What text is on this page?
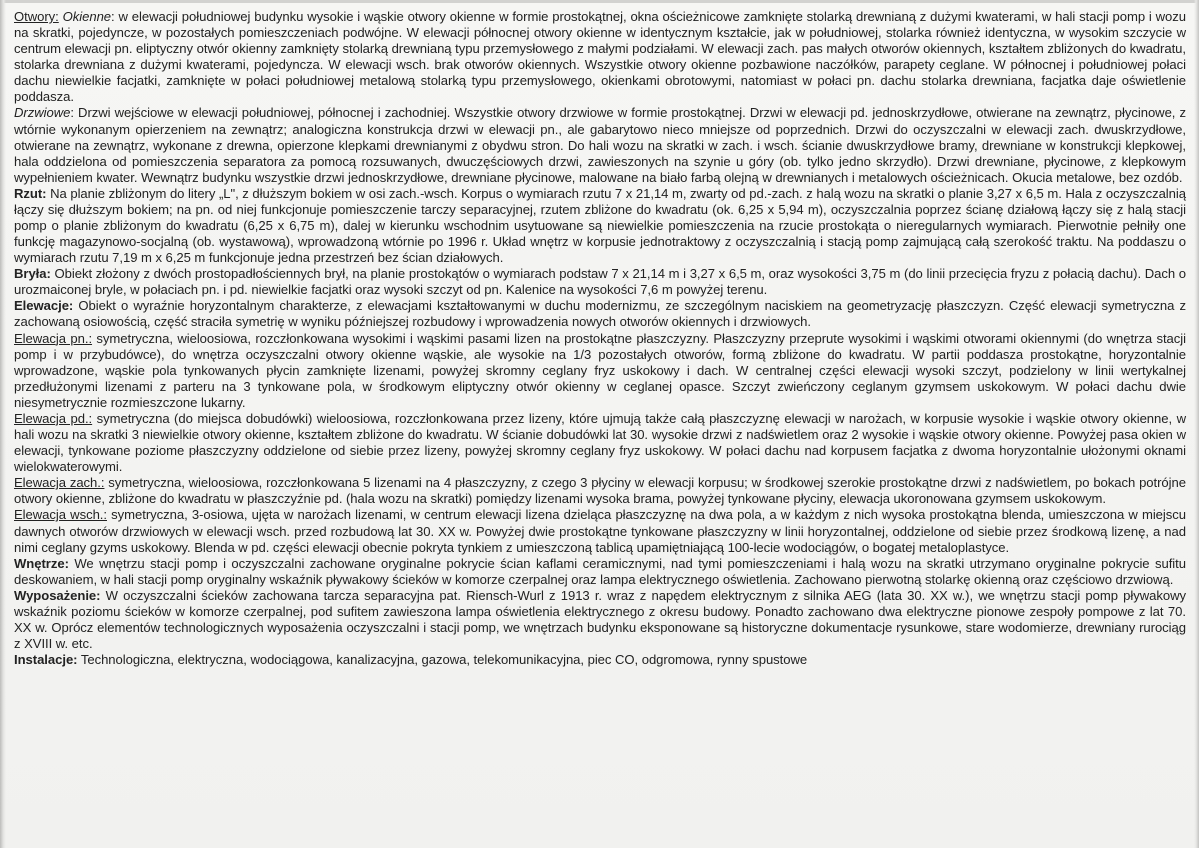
Otwory: Okienne: w elewacji południowej budynku wysokie i wąskie otwory okienne w formie prostokątnej, okna ościeżnicowe zamknięte stolarką drewnianą z dużymi kwaterami, w hali stacji pomp i wozu na skratki, pojedyncze, w pozostałych pomieszczeniach podwójne. W elewacji północnej otwory okienne w identycznym kształcie, jak w południowej, stolarka również identyczna, w wysokim szczycie w centrum elewacji pn. eliptyczny otwór okienny zamknięty stolarką drewnianą typu przemysłowego z małymi podziałami. W elewacji zach. pas małych otworów okiennych, kształtem zbliżonych do kwadratu, stolarka drewniana z dużymi kwaterami, pojedyncza. W elewacji wsch. brak otworów okiennych. Wszystkie otwory okienne pozbawione naczółków, parapety ceglane. W północnej i południowej połaci dachu niewielkie facjatki, zamknięte w połaci południowej metalową stolarką typu przemysłowego, okienkami obrotowymi, natomiast w połaci pn. dachu stolarka drewniana, facjatka daje oświetlenie poddasza.

Drzwiowe: Drzwi wejściowe w elewacji południowej, północnej i zachodniej. Wszystkie otwory drzwiowe w formie prostokątnej. Drzwi w elewacji pd. jednoskrzydłowe, otwierane na zewnątrz, płycinowe, z wtórnie wykonanym opierzeniem na zewnątrz; analogiczna konstrukcja drzwi w elewacji pn., ale gabarytowo nieco mniejsze od poprzednich. Drzwi do oczyszczalni w elewacji zach. dwuskrzydłowe, otwierane na zewnątrz, wykonane z drewna, opierzone klepkami drewnianymi z obydwu stron. Do hali wozu na skratki w zach. i wsch. ścianie dwuskrzydłowe bramy, drewniane w konstrukcji klepkowej, hala oddzielona od pomieszczenia separatora za pomocą rozsuwanych, dwuczęściowych drzwi, zawieszonych na szynie u góry (ob. tylko jedno skrzydło). Drzwi drewniane, płycinowe, z klepkowym wypełnieniem kwater. Wewnątrz budynku wszystkie drzwi jednoskrzydłowe, drewniane płycinowe, malowane na biało farbą olejną w drewnianych i metalowych ościeżnicach. Okucia metalowe, bez ozdób.

Rzut: Na planie zbliżonym do litery „L", z dłuższym bokiem w osi zach.-wsch. Korpus o wymiarach rzutu 7 x 21,14 m, zwarty od pd.-zach. z halą wozu na skratki o planie 3,27 x 6,5 m. Hala z oczyszczalnią łączy się dłuższym bokiem; na pn. od niej funkcjonuje pomieszczenie tarczy separacyjnej, rzutem zbliżone do kwadratu (ok. 6,25 x 5,94 m), oczyszczalnia poprzez ścianę działową łączy się z halą stacji pomp o planie zbliżonym do kwadratu (6,25 x 6,75 m), dalej w kierunku wschodnim usytuowane są niewielkie pomieszczenia na rzucie prostokąta o nieregularnych wymiarach. Pierwotnie pełniły one funkcję magazynowo-socjalną (ob. wystawową), wprowadzoną wtórnie po 1996 r. Układ wnętrz w korpusie jednotraktowy z oczyszczalnią i stacją pomp zajmującą całą szerokość traktu. Na poddaszu o wymiarach rzutu 7,19 m x 6,25 m funkcjonuje jedna przestrzeń bez ścian działowych.

Bryła: Obiekt złożony z dwóch prostopadłościennych brył, na planie prostokątów o wymiarach podstaw 7 x 21,14 m i 3,27 x 6,5 m, oraz wysokości 3,75 m (do linii przecięcia fryzu z połacią dachu). Dach o urozmaiconej bryle, w połaciach pn. i pd. niewielkie facjatki oraz wysoki szczyt od pn. Kalenice na wysokości 7,6 m powyżej terenu.

Elewacje: Obiekt o wyraźnie horyzontalnym charakterze, z elewacjami kształtowanymi w duchu modernizmu, ze szczególnym naciskiem na geometryzację płaszczyzn. Część elewacji symetryczna z zachowaną osiowością, część straciła symetrię w wyniku późniejszej rozbudowy i wprowadzenia nowych otworów okiennych i drzwiowych.

Elewacja pn.: symetryczna, wieloosiowa, rozczłonkowana wysokimi i wąskimi pasami lizen na prostokątne płaszczyzny. Płaszczyzny przeprute wysokimi i wąskimi otworami okiennymi (do wnętrza stacji pomp i w przybudówce), do wnętrza oczyszczalni otwory okienne wąskie, ale wysokie na 1/3 pozostałych otworów, formą zbliżone do kwadratu. W partii poddasza prostokątne, horyzontalnie wprowadzone, wąskie pola tynkowanych płycin zamknięte lizenami, powyżej skromny ceglany fryz uskokowy i dach. W centralnej części elewacji wysoki szczyt, podzielony w linii wertykalnej przedłużonymi lizenami z parteru na 3 tynkowane pola, w środkowym eliptyczny otwór okienny w ceglanej opasce. Szczyt zwieńczony ceglanym gzymsem uskokowym. W połaci dachu dwie niesymetrycznie rozmieszczone lukarny.

Elewacja pd.: symetryczna (do miejsca dobudówki) wieloosiowa, rozczłonkowana przez lizeny, które ujmują także całą płaszczyznę elewacji w narożach, w korpusie wysokie i wąskie otwory okienne, w hali wozu na skratki 3 niewielkie otwory okienne, kształtem zbliżone do kwadratu. W ścianie dobudówki lat 30. wysokie drzwi z nadświetlem oraz 2 wysokie i wąskie otwory okienne. Powyżej pasa okien w elewacji, tynkowane poziome płaszczyzny oddzielone od siebie przez lizeny, powyżej skromny ceglany fryz uskokowy. W połaci dachu nad korpusem facjatka z dwoma horyzontalnie ułożonymi oknami wielokwaterowymi.

Elewacja zach.: symetryczna, wieloosiowa, rozczłonkowana 5 lizenami na 4 płaszczyzny, z czego 3 płyciny w elewacji korpusu; w środkowej szerokie prostokątne drzwi z nadświetlem, po bokach potrójne otwory okienne, zbliżone do kwadratu w płaszczyźnie pd. (hala wozu na skratki) pomiędzy lizenami wysoka brama, powyżej tynkowane płyciny, elewacja ukoronowana gzymsem uskokowym.

Elewacja wsch.: symetryczna, 3-osiowa, ujęta w narożach lizenami, w centrum elewacji lizena dzieląca płaszczyznę na dwa pola, a w każdym z nich wysoka prostokątna blenda, umieszczona w miejscu dawnych otworów drzwiowych w elewacji wsch. przed rozbudową lat 30. XX w. Powyżej dwie prostokątne tynkowane płaszczyzny w linii horyzontalnej, oddzielone od siebie przez środkową lizenę, a nad nimi ceglany gzyms uskokowy. Blenda w pd. części elewacji obecnie pokryta tynkiem z umieszczoną tablicą upamiętniającą 100-lecie wodociągów, o bogatej metaloplastyce.

Wnętrze: We wnętrzu stacji pomp i oczyszczalni zachowane oryginalne pokrycie ścian kaflami ceramicznymi, nad tymi pomieszczeniami i halą wozu na skratki utrzymano oryginalne pokrycie sufitu deskowaniem, w hali stacji pomp oryginalny wskaźnik pływakowy ścieków w komorze czerpalnej oraz lampa elektrycznego oświetlenia. Zachowano pierwotną stolarkę okienną oraz częściowo drzwiową.

Wyposażenie: W oczyszczalni ścieków zachowana tarcza separacyjna pat. Riensch-Wurl z 1913 r. wraz z napędem elektrycznym z silnika AEG (lata 30. XX w.), we wnętrzu stacji pomp pływakowy wskaźnik poziomu ścieków w komorze czerpalnej, pod sufitem zawieszona lampa oświetlenia elektrycznego z okresu budowy. Ponadto zachowano dwa elektryczne pionowe zespoły pompowe z lat 70. XX w. Oprócz elementów technologicznych wyposażenia oczyszczalni i stacji pomp, we wnętrzach budynku eksponowane są historyczne dokumentacje rysunkowe, stare wodomierze, drewniany rurociąg z XVIII w. etc.

Instalacje: Technologiczna, elektryczna, wodociągowa, kanalizacyjna, gazowa, telekomunikacyjna, piec CO, odgromowa, rynny spustowe
